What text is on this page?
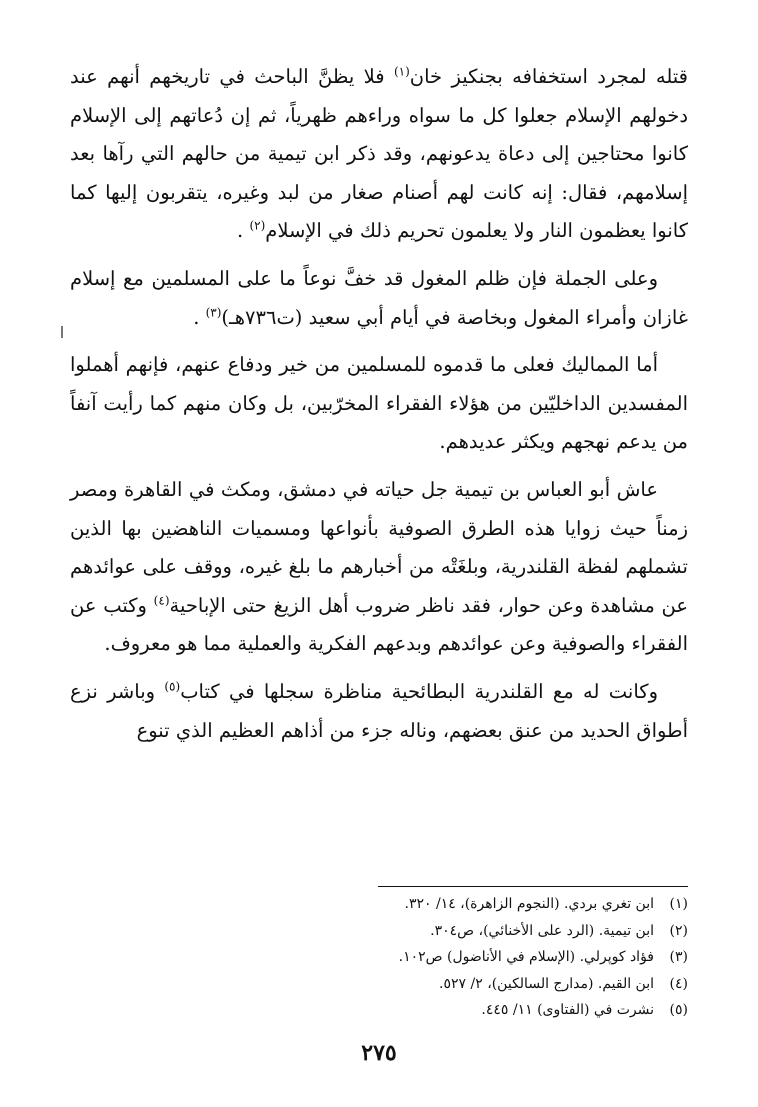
قتله لمجرد استخفافه بجنكيز خان$^{(١)}$ فلا يظنَّ الباحث في تاريخهم أنهم عند دخولهم الإسلام جعلوا كل ما سواه وراءهم ظهرياً، ثم إن دُعاتهم إلى الإسلام كانوا محتاجين إلى دعاة يدعونهم، وقد ذكر ابن تيمية من حالهم التي رآها بعد إسلامهم، فقال: إنه كانت لهم أصنام صغار من لبد وغيره، يتقربون إليها كما كانوا يعظمون النار ولا يعلمون تحريم ذلك في الإسلام$^{(٢)}$ .

وعلى الجملة فإن ظلم المغول قد خفَّ نوعاً ما على المسلمين مع إسلام غازان وأمراء المغول وبخاصة في أيام أبي سعيد (ت٧٣٦هـ)$^{(٣)}$ .

أما المماليك فعلى ما قدموه للمسلمين من خير ودفاع عنهم، فإنهم أهملوا المفسدين الداخليّين من هؤلاء الفقراء المخرّبين، بل وكان منهم كما رأيت آنفاً من يدعم نهجهم ويكثر عديدهم.

عاش أبو العباس بن تيمية جل حياته في دمشق، ومكث في القاهرة ومصر زمناً حيث زوايا هذه الطرق الصوفية بأنواعها ومسميات الناهضين بها الذين تشملهم لفظة القلندرية، وبلغَتْه من أخبارهم ما بلغ غيره، ووقف على عوائدهم عن مشاهدة وعن حوار، فقد ناظر ضروب أهل الزيغ حتى الإباحية$^{(٤)}$ وكتب عن الفقراء والصوفية وعن عوائدهم وبدعهم الفكرية والعملية مما هو معروف.

وكانت له مع القلندرية البطائحية مناظرة سجلها في كتاب$^{(٥)}$ وباشر نزع أطواق الحديد من عنق بعضهم، وناله جزء من أذاهم العظيم الذي تنوع

(١)ابن تغري بردي. (النجوم الزاهرة)، ١٤/ ٣٢٠.
(٢)ابن تيمية. (الرد على الأخنائي)، ص٣٠٤.
(٣)فؤاد كوپرلي. (الإسلام في الأناضول) ص١٠٢.
(٤)ابن القيم. (مدارج السالكين)، ٢/ ٥٢٧.
(٥)نشرت في (الفتاوى) ١١/ ٤٤٥.
٢٧٥
